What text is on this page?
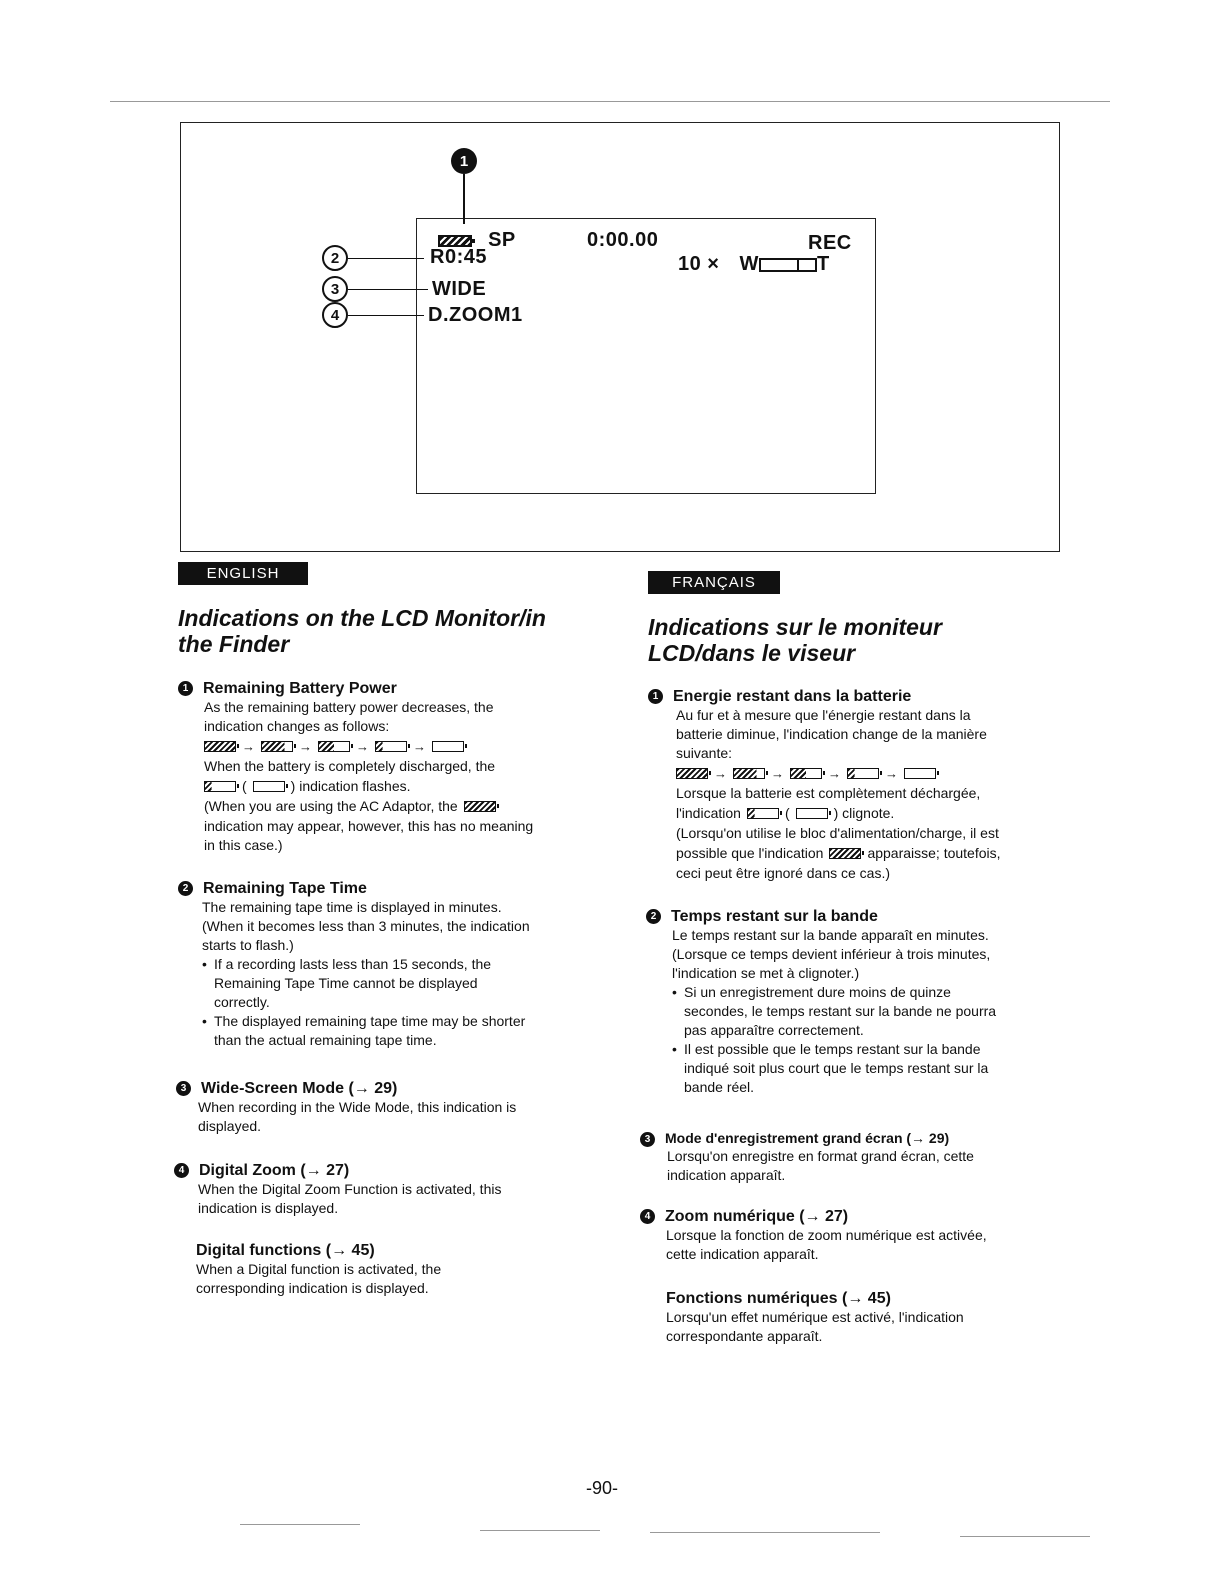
1
SP	0:00.00	REC
10 × W	T
2	R0:45
3	WIDE
4	D.ZOOM1
ENGLISH
Indications on the LCD Monitor/in
the Finder
1 Remaining Battery Power
As the remaining battery power decreases, the
indication changes as follows:
→	→	→	→
When the battery is completely discharged, the
(	) indication flashes.
(When you are using the AC Adaptor, the
indication may appear, however, this has no meaning
in this case.)
2 Remaining Tape Time
The remaining tape time is displayed in minutes.
(When it becomes less than 3 minutes, the indication
starts to flash.)
• If a recording lasts less than 15 seconds, the
Remaining Tape Time cannot be displayed
correctly.
• The displayed remaining tape time may be shorter
than the actual remaining tape time.
3 Wide-Screen Mode (→ 29)
When recording in the Wide Mode, this indication is
displayed.
4 Digital Zoom (→ 27)
When the Digital Zoom Function is activated, this
indication is displayed.
Digital functions (→ 45)
When a Digital function is activated, the
corresponding indication is displayed.
FRANÇAIS
Indications sur le moniteur
LCD/dans le viseur
1 Energie restant dans la batterie
Au fur et à mesure que l'énergie restant dans la
batterie diminue, l'indication change de la manière
suivante:
→	→	→	→
Lorsque la batterie est complètement déchargée,
l'indication	(	) clignote.
(Lorsqu'on utilise le bloc d'alimentation/charge, il est
possible que l'indication	apparaisse; toutefois,
ceci peut être ignoré dans ce cas.)
2 Temps restant sur la bande
Le temps restant sur la bande apparaît en minutes.
(Lorsque ce temps devient inférieur à trois minutes,
l'indication se met à clignoter.)
• Si un enregistrement dure moins de quinze
secondes, le temps restant sur la bande ne pourra
pas apparaître correctement.
• Il est possible que le temps restant sur la bande
indiqué soit plus court que le temps restant sur la
bande réel.
3 Mode d'enregistrement grand écran (→ 29)
Lorsqu'on enregistre en format grand écran, cette
indication apparaît.
4 Zoom numérique (→ 27)
Lorsque la fonction de zoom numérique est activée,
cette indication apparaît.
Fonctions numériques (→ 45)
Lorsqu'un effet numérique est activé, l'indication
correspondante apparaît.
-90-
